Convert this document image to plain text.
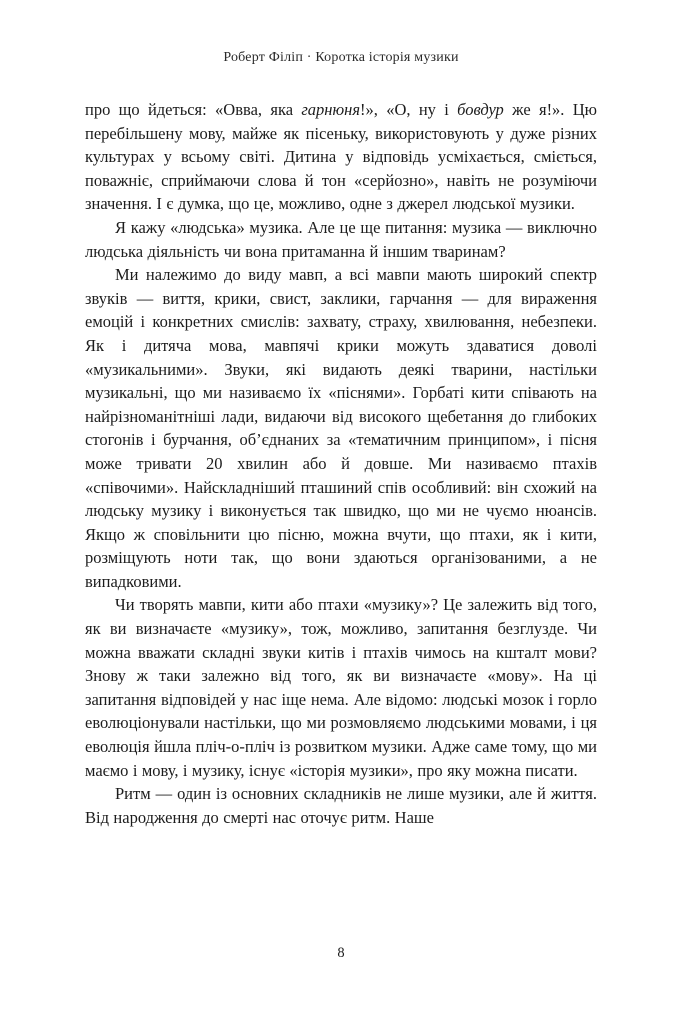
Роберт Філіп · Коротка історія музики

про що йдеться: «Овва, яка гарнюня!», «О, ну і бовдур же я!». Цю перебільшену мову, майже як пісеньку, використовують у дуже різних культурах у всьому світі. Дитина у відповідь усміхається, сміється, поважніє, сприймаючи слова й тон «серйозно», навіть не розуміючи значення. І є думка, що це, можливо, одне з джерел людської музики.

Я кажу «людська» музика. Але це ще питання: музика — виключно людська діяльність чи вона притаманна й іншим тваринам?

Ми належимо до виду мавп, а всі мавпи мають широкий спектр звуків — виття, крики, свист, заклики, гарчання — для вираження емоцій і конкретних смислів: захвату, страху, хвилювання, небезпеки. Як і дитяча мова, мавпячі крики можуть здаватися доволі «музикальними». Звуки, які видають деякі тварини, настільки музикальні, що ми називаємо їх «піснями». Горбаті кити співають на найрізноманітніші лади, видаючи від високого щебетання до глибоких стогонів і бурчання, об’єднаних за «тематичним принципом», і пісня може тривати 20 хвилин або й довше. Ми називаємо птахів «співочими». Найскладніший пташиний спів особливий: він схожий на людську музику і виконується так швидко, що ми не чуємо нюансів. Якщо ж сповільнити цю пісню, можна вчути, що птахи, як і кити, розміщують ноти так, що вони здаються організованими, а не випадковими.

Чи творять мавпи, кити або птахи «музику»? Це залежить від того, як ви визначаєте «музику», тож, можливо, запитання безглузде. Чи можна вважати складні звуки китів і птахів чимось на кшталт мови? Знову ж таки залежно від того, як ви визначаєте «мову». На ці запитання відповідей у нас іще нема. Але відомо: людські мозок і горло еволюціонували настільки, що ми розмовляємо людськими мовами, і ця еволюція йшла пліч-о-пліч із розвитком музики. Адже саме тому, що ми маємо і мову, і музику, існує «історія музики», про яку можна писати.

Ритм — один із основних складників не лише музики, але й життя. Від народження до смерті нас оточує ритм. Наше

8
